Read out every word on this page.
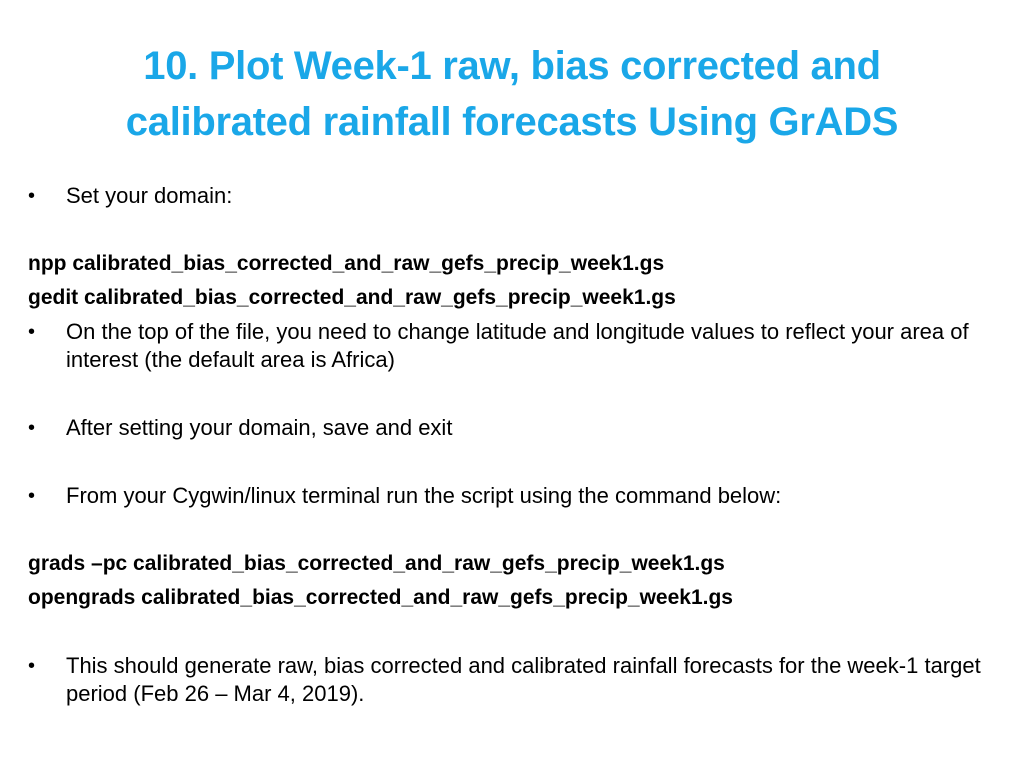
10. Plot Week-1 raw, bias corrected and
calibrated rainfall forecasts Using GrADS
•	Set your domain:
npp calibrated_bias_corrected_and_raw_gefs_precip_week1.gs
gedit calibrated_bias_corrected_and_raw_gefs_precip_week1.gs
•	On the top of the file, you need to change latitude and longitude values to reflect your area of interest (the default area is Africa)
•	After setting your domain, save and exit
•	From your Cygwin/linux terminal run the script using the command below:
grads –pc calibrated_bias_corrected_and_raw_gefs_precip_week1.gs
opengrads calibrated_bias_corrected_and_raw_gefs_precip_week1.gs
•	This should generate raw, bias corrected and calibrated rainfall forecasts for the week-1 target period (Feb 26 – Mar 4, 2019).
